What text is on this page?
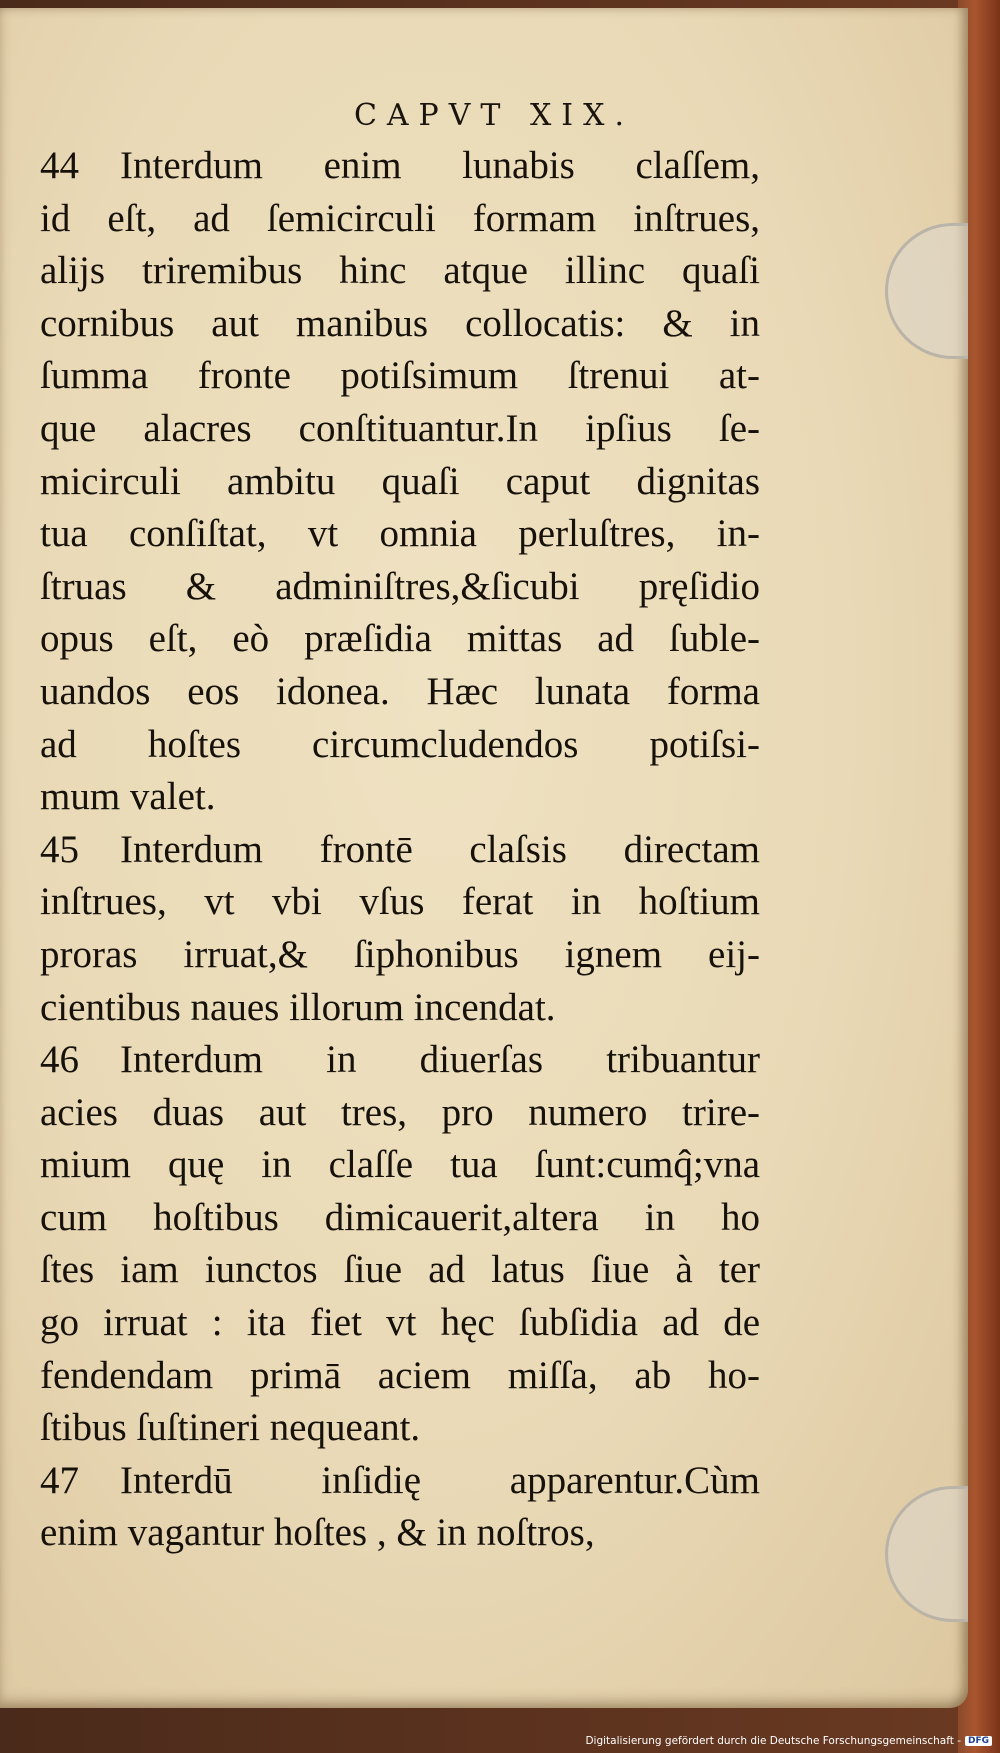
CAPVT XIX.
44 Interdum enim lunabis claſſem,
id eſt, ad ſemicirculi formam inſtrues,
alijs triremibus hinc atque illinc quaſi
cornibus aut manibus collocatis: & in
ſumma fronte potiſsimum ſtrenui at-
que alacres conſtituantur.In ipſius ſe-
micirculi ambitu quaſi caput dignitas
tua conſiſtat, vt omnia perluſtres, in-
ſtruas & adminiſtres,&ſicubi pręſidio
opus eſt, eò præſidia mittas ad ſuble-
uandos eos idonea. Hæc lunata forma
ad hoſtes circumcludendos potiſsi-
mum valet.
45 Interdum frontē claſsis directam
inſtrues, vt vbi vſus ferat in hoſtium
proras irruat,& ſiphonibus ignem eij-
cientibus naues illorum incendat.
46 Interdum in diuerſas tribuantur
acies duas aut tres, pro numero trire-
mium quę in claſſe tua ſunt:cumq̂;vna
cum hoſtibus dimicauerit,altera in ho
ſtes iam iunctos ſiue ad latus ſiue à ter
go irruat : ita fiet vt hęc ſubſidia ad de
fendendam primā aciem miſſa, ab ho-
ſtibus ſuſtineri nequeant.
47 Interdū inſidię apparentur.Cùm
enim vagantur hoſtes , & in noſtros,
Digitalisierung gefördert durch die Deutsche Forschungsgemeinschaft - DFG
